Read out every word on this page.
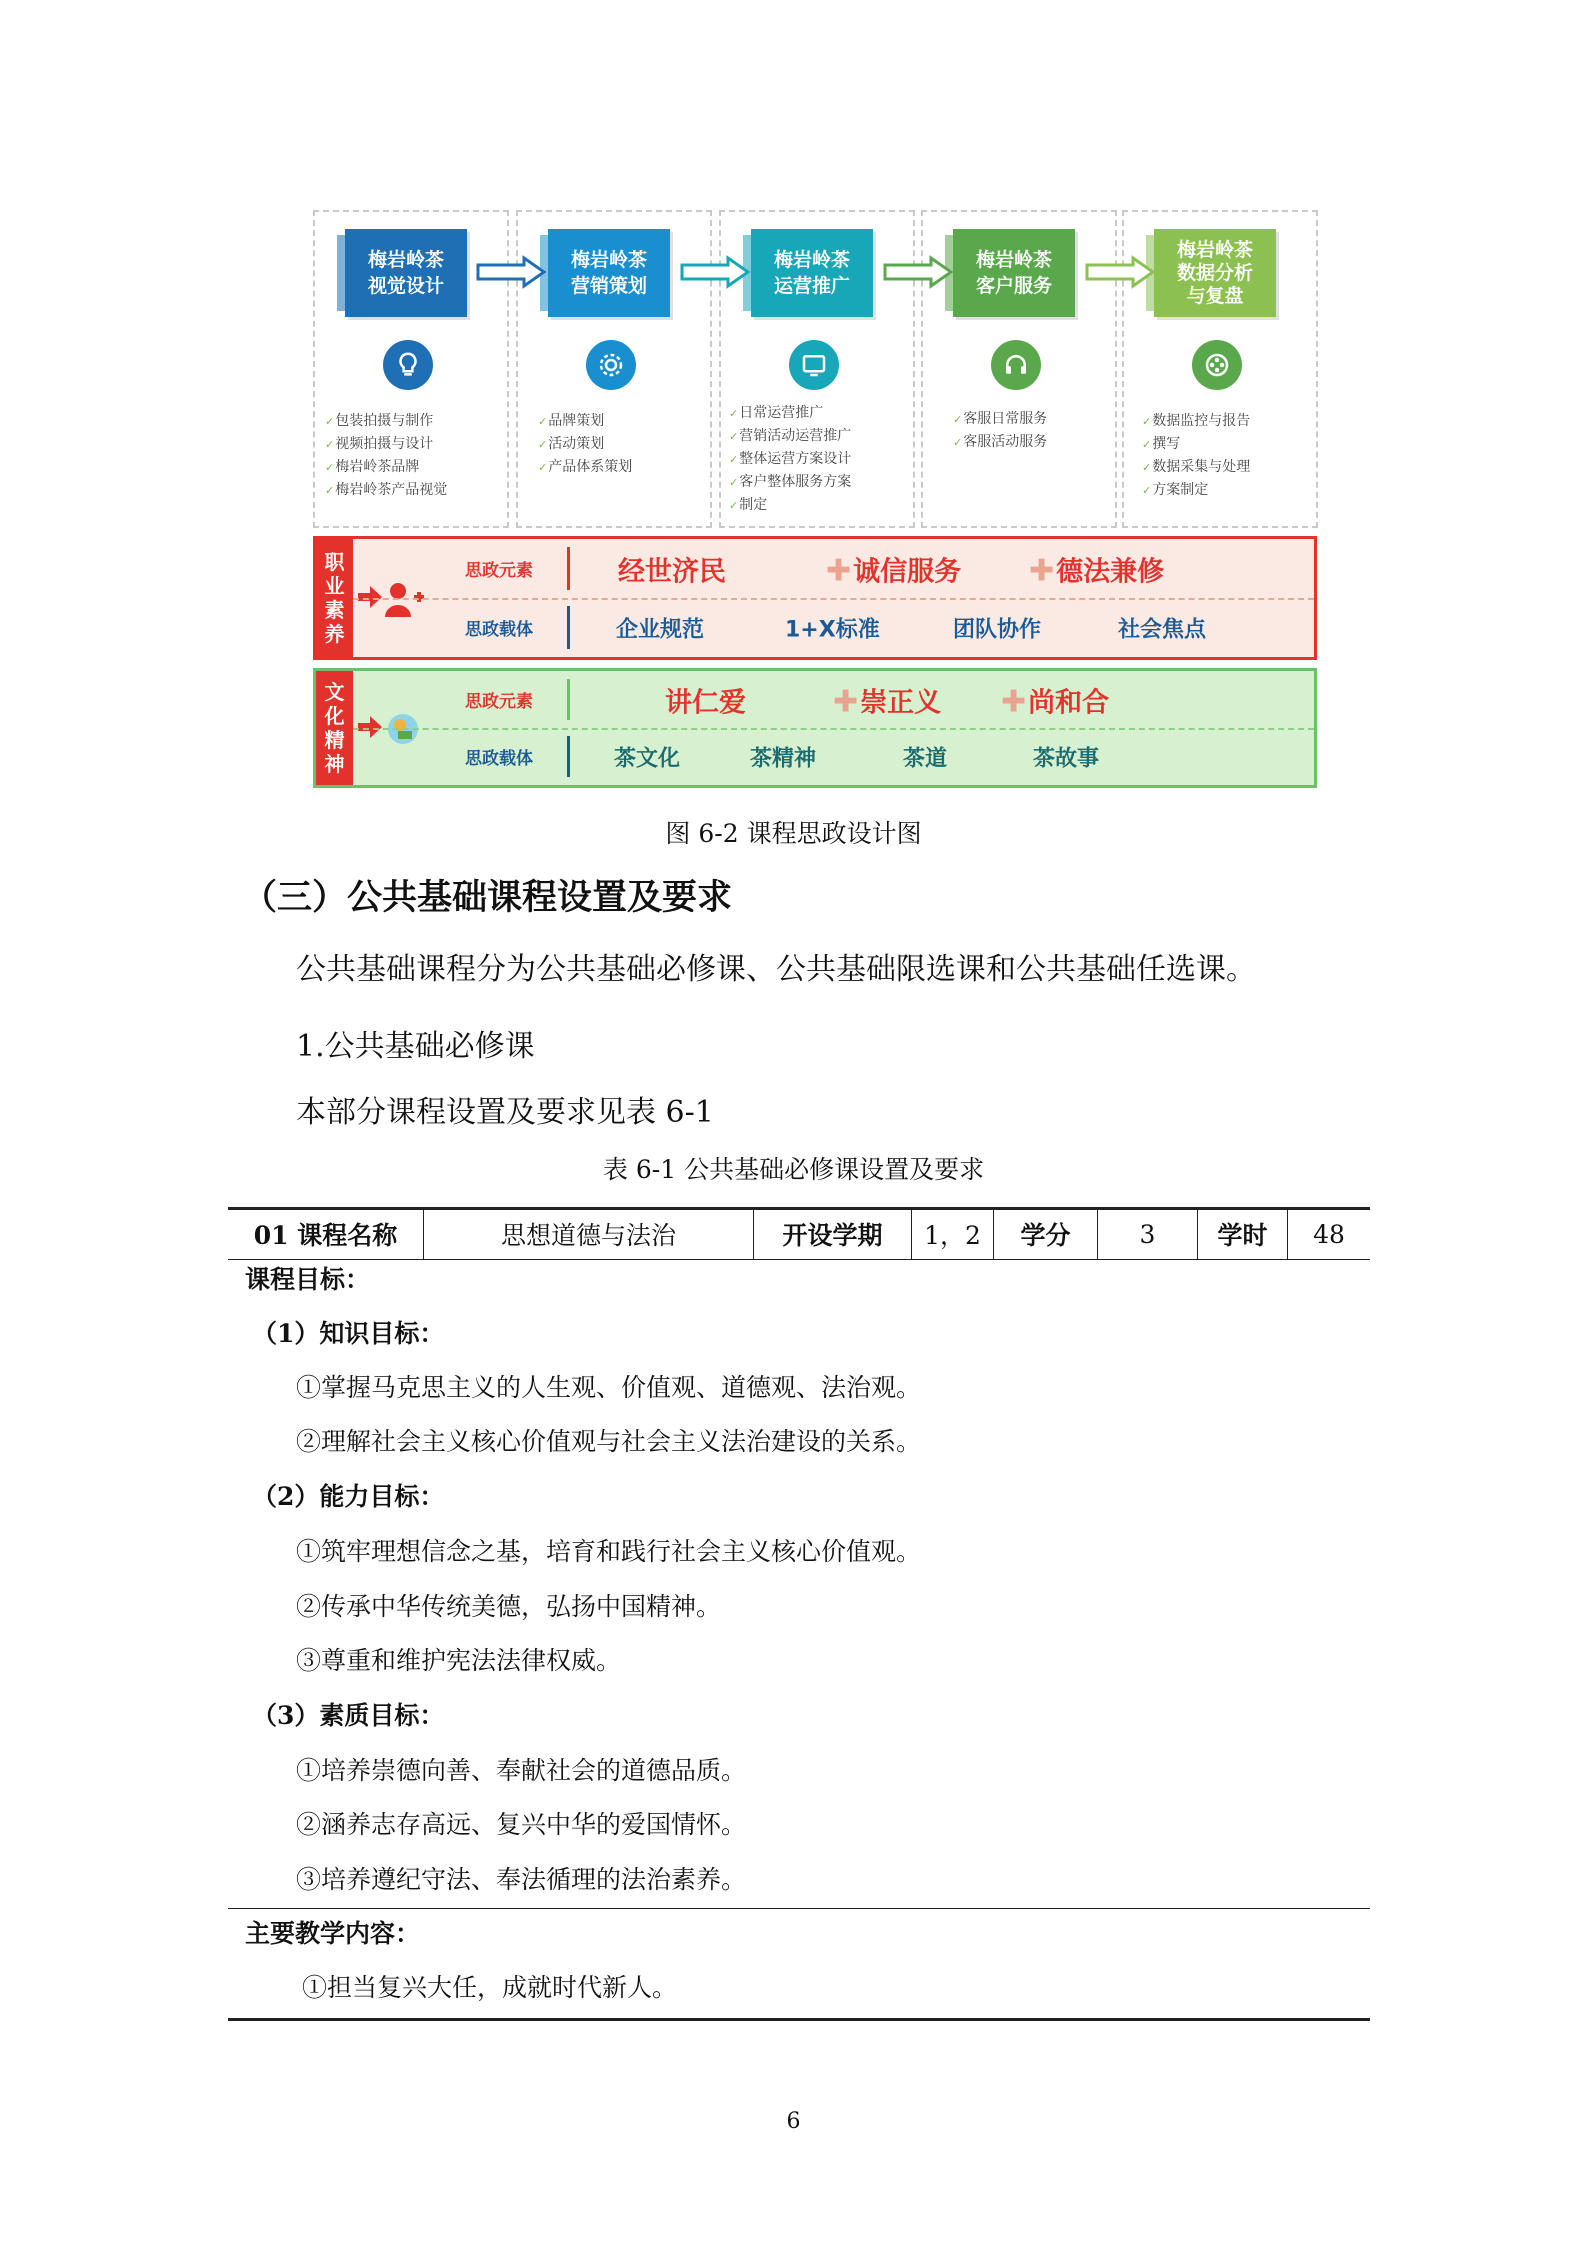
梅岩岭茶
视觉设计
✓ 包装拍摄与制作
✓ 视频拍摄与设计
✓ 梅岩岭茶品牌
✓ 梅岩岭茶产品视觉
梅岩岭茶
营销策划
✓ 品牌策划
✓ 活动策划
✓ 产品体系策划
梅岩岭茶
运营推广
✓ 日常运营推广
✓ 营销活动运营推广
✓ 整体运营方案设计
✓ 客户整体服务方案
✓ 制定
梅岩岭茶
客户服务
✓ 客服日常服务
✓ 客服活动服务
梅岩岭茶
数据分析
与复盘
✓ 数据监控与报告
✓ 撰写
✓ 数据采集与处理
✓ 方案制定
职业素养
思政元素	经世济民	✚诚信服务 ✚德法兼修
思政载体	企业规范	1+X标准	团队协作	社会焦点
文化精神
思政元素	讲仁爱	✚崇正义 ✚尚和合
思政载体	茶文化	茶精神	茶道	茶故事
图 6-2 课程思政设计图
（三）公共基础课程设置及要求
公共基础课程分为公共基础必修课、公共基础限选课和公共基础任选课。
1.公共基础必修课
本部分课程设置及要求见表 6-1
表 6-1 公共基础必修课设置及要求
01 课程名称	思想道德与法治	开设学期	1，2	学分	3	学时	48
课程目标：
（1）知识目标：
①掌握马克思主义的人生观、价值观、道德观、法治观。
②理解社会主义核心价值观与社会主义法治建设的关系。
（2）能力目标：
①筑牢理想信念之基，培育和践行社会主义核心价值观。
②传承中华传统美德，弘扬中国精神。
③尊重和维护宪法法律权威。
（3）素质目标：
①培养崇德向善、奉献社会的道德品质。
②涵养志存高远、复兴中华的爱国情怀。
③培养遵纪守法、奉法循理的法治素养。
主要教学内容：
①担当复兴大任，成就时代新人。
6
